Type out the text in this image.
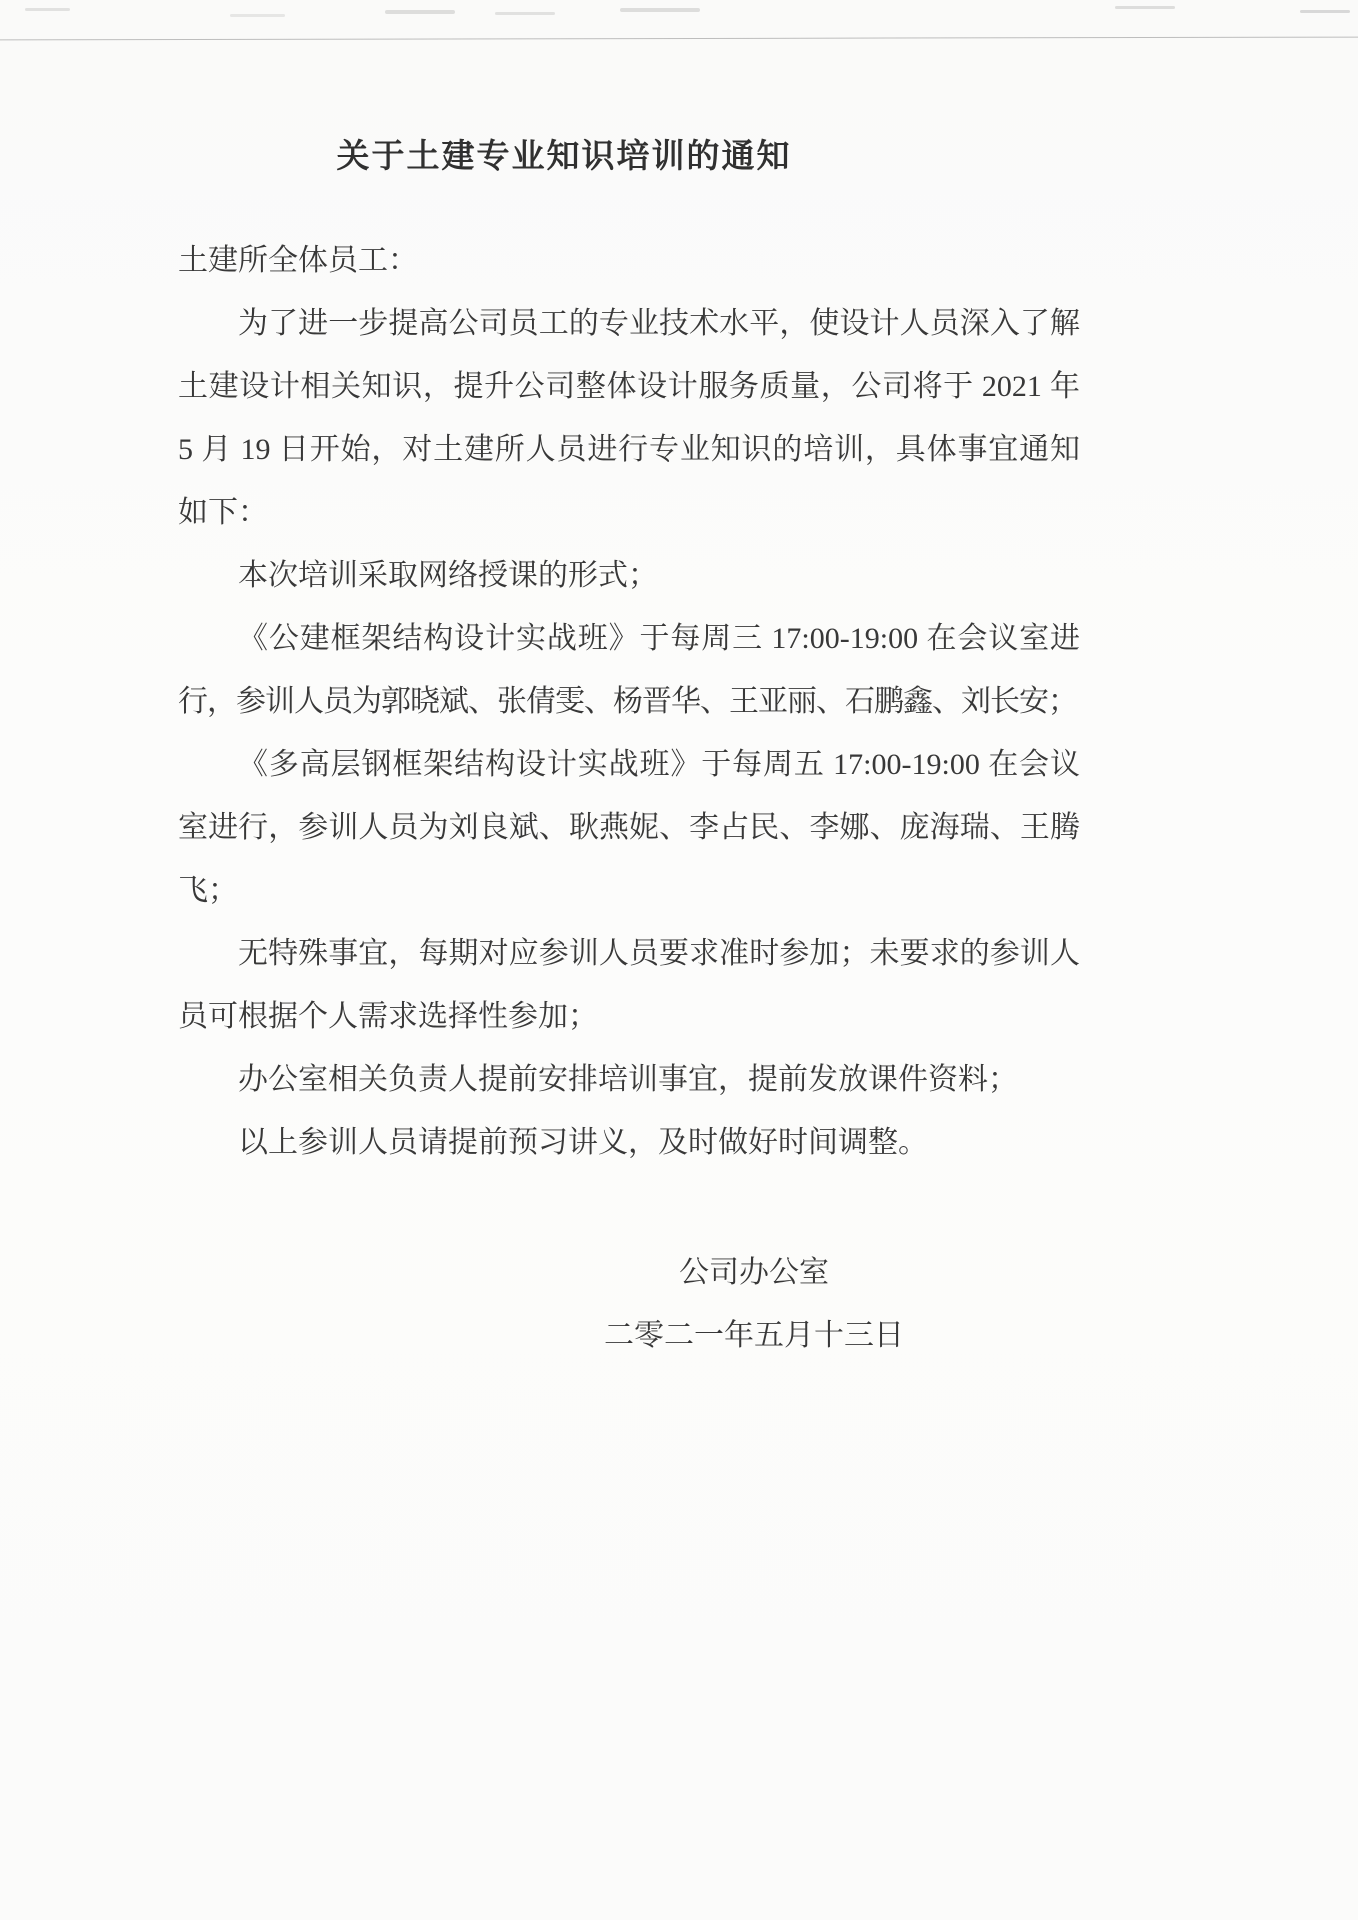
关于土建专业知识培训的通知
土建所全体员工：
为了进一步提高公司员工的专业技术水平，使设计人员深入了解
土建设计相关知识，提升公司整体设计服务质量，公司将于 2021 年
5 月 19 日开始，对土建所人员进行专业知识的培训，具体事宜通知
如下：
本次培训采取网络授课的形式；
《公建框架结构设计实战班》于每周三 17:00-19:00 在会议室进
行，参训人员为郭晓斌、张倩雯、杨晋华、王亚丽、石鹏鑫、刘长安；
《多高层钢框架结构设计实战班》于每周五 17:00-19:00 在会议
室进行，参训人员为刘良斌、耿燕妮、李占民、李娜、庞海瑞、王腾
飞；
无特殊事宜，每期对应参训人员要求准时参加；未要求的参训人
员可根据个人需求选择性参加；
办公室相关负责人提前安排培训事宜，提前发放课件资料；
以上参训人员请提前预习讲义，及时做好时间调整。
公司办公室
二零二一年五月十三日
